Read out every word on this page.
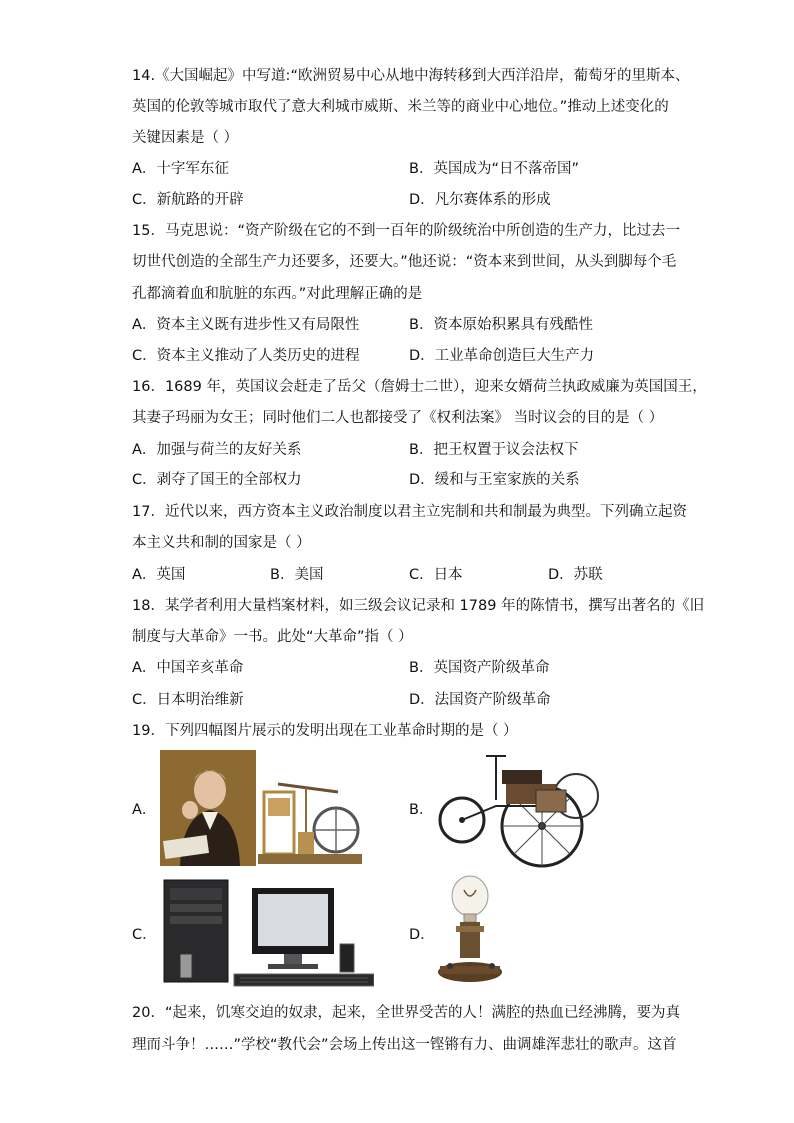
14.《大国崛起》中写道:“欧洲贸易中心从地中海转移到大西洋沿岸，葡萄牙的里斯本、
英国的伦敦等城市取代了意大利城市威斯、米兰等的商业中心地位。”推动上述变化的
关键因素是（ ）
A．十字军东征	B．英国成为“日不落帝国”
C．新航路的开辟	D．凡尔赛体系的形成
15．马克思说：“资产阶级在它的不到一百年的阶级统治中所创造的生产力，比过去一
切世代创造的全部生产力还要多，还要大。”他还说：“资本来到世间，从头到脚每个毛
孔都滴着血和肮脏的东西。”对此理解正确的是
A．资本主义既有进步性又有局限性	B．资本原始积累具有残酷性
C．资本主义推动了人类历史的进程	D．工业革命创造巨大生产力
16．1689 年，英国议会赶走了岳父（詹姆士二世），迎来女婿荷兰执政威廉为英国国王，
其妻子玛丽为女王；同时他们二人也都接受了《权利法案》 当时议会的目的是（ ）
A．加强与荷兰的友好关系	B．把王权置于议会法权下
C．剥夺了国王的全部权力	D．缓和与王室家族的关系
17．近代以来，西方资本主义政治制度以君主立宪制和共和制最为典型。下列确立起资
本主义共和制的国家是（ ）
A．英国	B．美国	C．日本	D．苏联
18．某学者利用大量档案材料，如三级会议记录和 1789 年的陈情书，撰写出著名的《旧
制度与大革命》一书。此处“大革命”指（ ）
A．中国辛亥革命	B．英国资产阶级革命
C．日本明治维新	D．法国资产阶级革命
19．下列四幅图片展示的发明出现在工业革命时期的是（ ）
A．	B．
C．	D．
20．“起来，饥寒交迫的奴隶，起来，全世界受苦的人！满腔的热血已经沸腾，要为真
理而斗争！……”学校“教代会”会场上传出这一铿锵有力、曲调雄浑悲壮的歌声。这首
